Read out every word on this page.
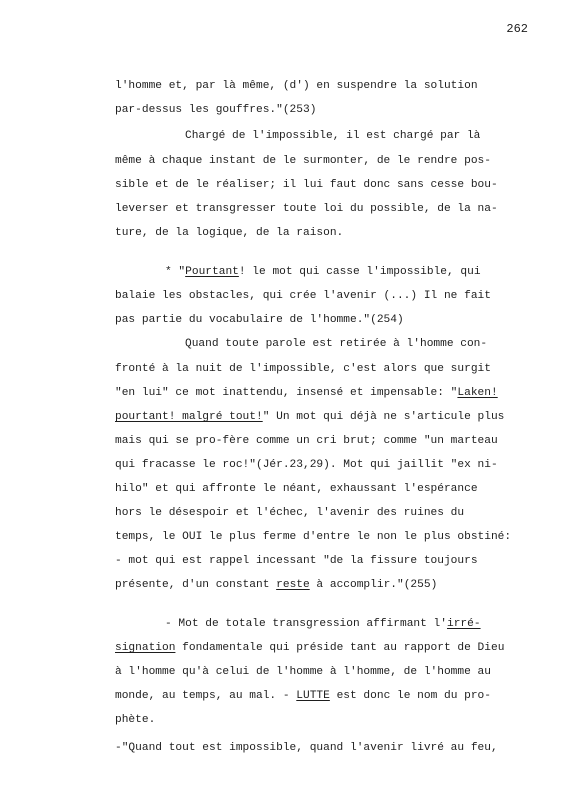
262
l'homme et, par là même, (d') en suspendre la solution
par-dessus les gouffres."(253)
Chargé de l'impossible, il est chargé par là
même à chaque instant de le surmonter, de le rendre pos-
sible et de le réaliser; il lui faut donc sans cesse bou-
leverser et transgresser toute loi du possible, de la na-
ture, de la logique, de la raison.
* "Pourtant! le mot qui casse l'impossible, qui
balaie les obstacles, qui crée l'avenir (...) Il ne fait
pas partie du vocabulaire de l'homme."(254)
Quand toute parole est retirée à l'homme con-
fronté à la nuit de l'impossible, c'est alors que surgit
"en lui" ce mot inattendu, insensé et impensable: "Laken!
pourtant! malgré tout!" Un mot qui déjà ne s'articule plus
mais qui se pro-fère comme un cri brut; comme "un marteau
qui fracasse le roc!"(Jér.23,29). Mot qui jaillit "ex ni-
hilo" et qui affronte le néant, exhaussant l'espérance
hors le désespoir et l'échec, l'avenir des ruines du
temps, le OUI le plus ferme d'entre le non le plus obstiné:
- mot qui est rappel incessant "de la fissure toujours
présente, d'un constant reste à accomplir."(255)
- Mot de totale transgression affirmant l'irré-
signation fondamentale qui préside tant au rapport de Dieu
à l'homme qu'à celui de l'homme à l'homme, de l'homme au
monde, au temps, au mal. - LUTTE est donc le nom du pro-
phète.
-"Quand tout est impossible, quand l'avenir livré au feu,
